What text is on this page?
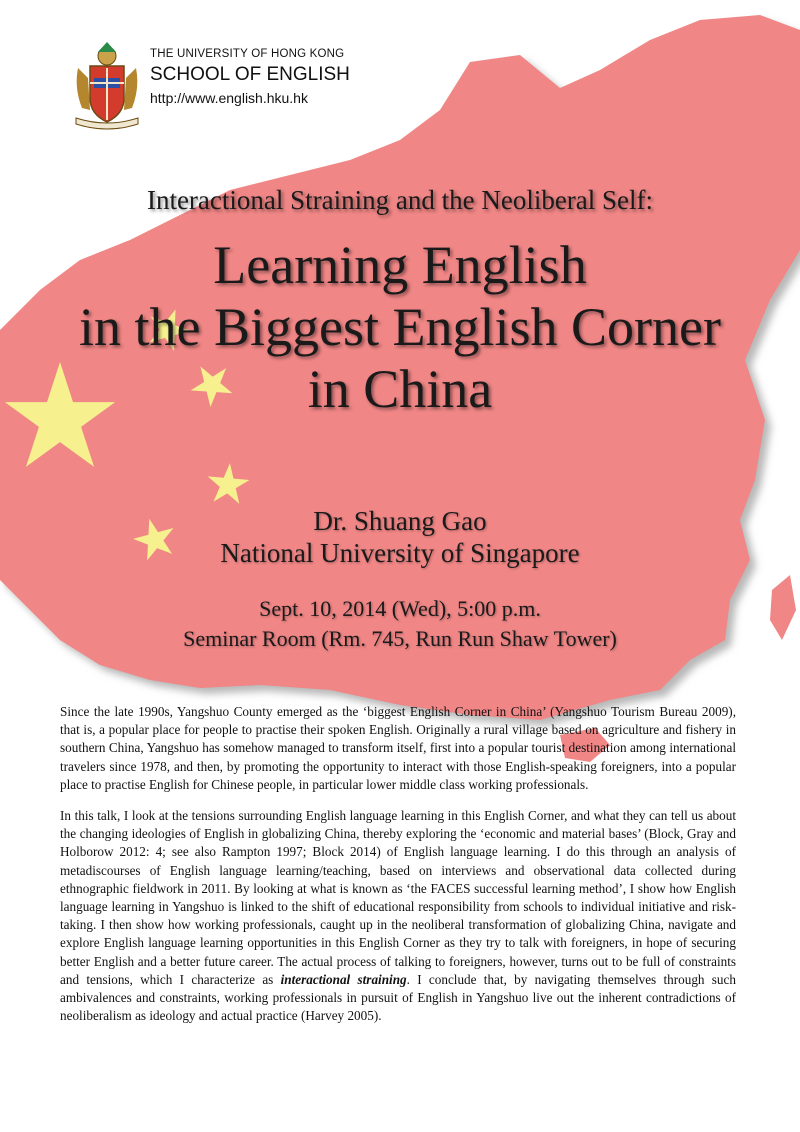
THE UNIVERSITY OF HONG KONG
SCHOOL OF ENGLISH
http://www.english.hku.hk
Interactional Straining and the Neoliberal Self:
Learning English
in the Biggest English Corner
in China
Dr. Shuang Gao
National University of Singapore
Sept. 10, 2014 (Wed), 5:00 p.m.
Seminar Room (Rm. 745, Run Run Shaw Tower)

Since the late 1990s, Yangshuo County emerged as the ‘biggest English Corner in China’ (Yangshuo Tourism Bureau 2009), that is, a popular place for people to practise their spoken English. Originally a rural village based on agriculture and fishery in southern China, Yangshuo has somehow managed to transform itself, first into a popular tourist destination among international travelers since 1978, and then, by promoting the opportunity to interact with those English-speaking foreigners, into a popular place to practise English for Chinese people, in particular lower middle class working professionals.

In this talk, I look at the tensions surrounding English language learning in this English Corner, and what they can tell us about the changing ideologies of English in globalizing China, thereby exploring the ‘economic and material bases’ (Block, Gray and Holborow 2012: 4; see also Rampton 1997; Block 2014) of English language learning. I do this through an analysis of metadiscourses of English language learning/teaching, based on interviews and observational data collected during ethnographic fieldwork in 2011. By looking at what is known as ‘the FACES successful learning method’, I show how English language learning in Yangshuo is linked to the shift of educational responsibility from schools to individual initiative and risk-taking. I then show how working professionals, caught up in the neoliberal transformation of globalizing China, navigate and explore English language learning opportunities in this English Corner as they try to talk with foreigners, in hope of securing better English and a better future career. The actual process of talking to foreigners, however, turns out to be full of constraints and tensions, which I characterize as interactional straining. I conclude that, by navigating themselves through such ambivalences and constraints, working professionals in pursuit of English in Yangshuo live out the inherent contradictions of neoliberalism as ideology and actual practice (Harvey 2005).
